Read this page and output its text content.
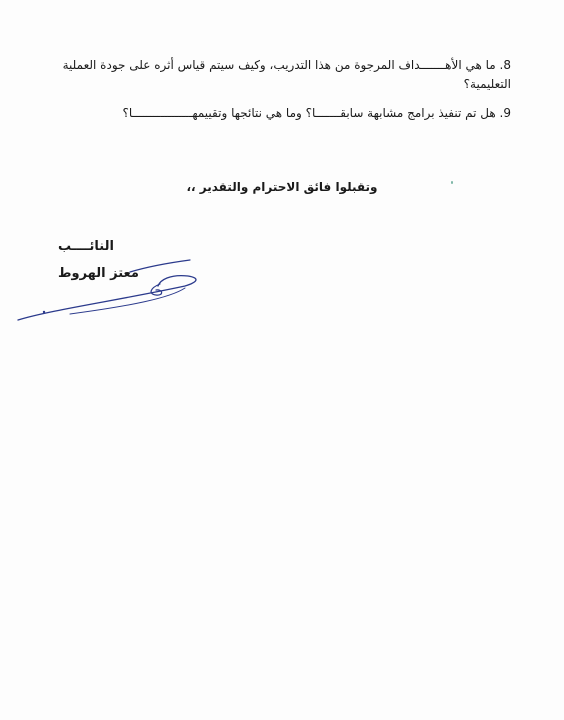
8. ما هي الأهـــــــداف المرجوة من هذا التدريب، وكيف سيتم قياس أثره على جودة العملية التعليمية؟
9. هل تم تنفيذ برامج مشابهة سابقـــــــا؟ وما هي نتائجها وتقييمهـــــــــــــــــا؟
وتقبلوا فائق الاحترام والتقدير ،،
النائــــب
معتز الهروط
